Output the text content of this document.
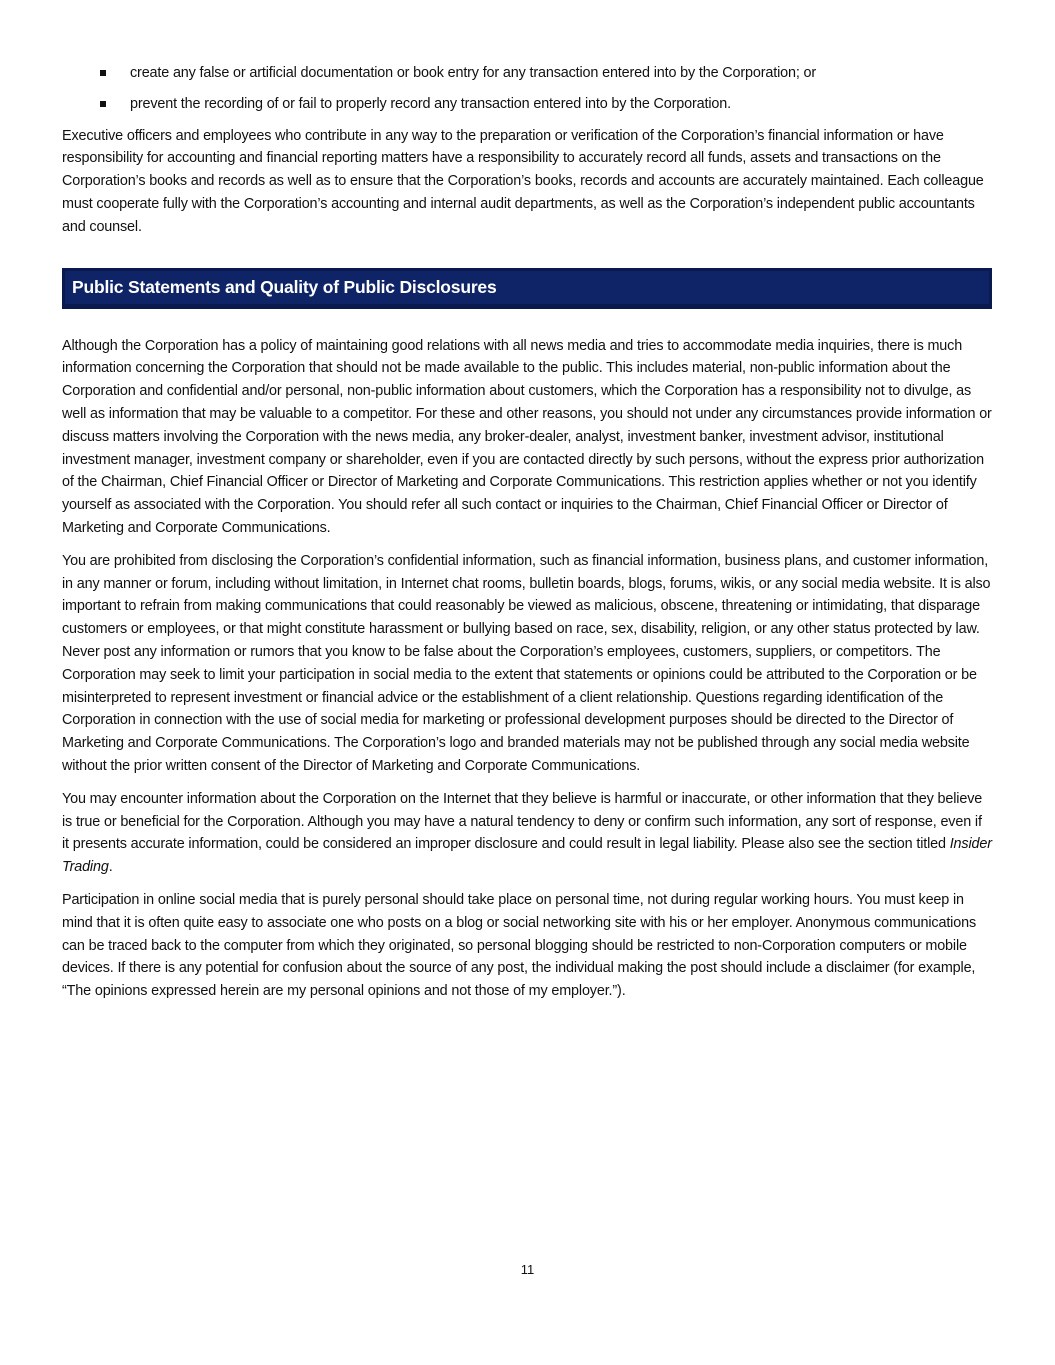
create any false or artificial documentation or book entry for any transaction entered into by the Corporation; or
prevent the recording of or fail to properly record any transaction entered into by the Corporation.

Executive officers and employees who contribute in any way to the preparation or verification of the Corporation’s financial information or have responsibility for accounting and financial reporting matters have a responsibility to accurately record all funds, assets and transactions on the Corporation’s books and records as well as to ensure that the Corporation’s books, records and accounts are accurately maintained. Each colleague must cooperate fully with the Corporation’s accounting and internal audit departments, as well as the Corporation’s independent public accountants and counsel.

Public Statements and Quality of Public Disclosures

Although the Corporation has a policy of maintaining good relations with all news media and tries to accommodate media inquiries, there is much information concerning the Corporation that should not be made available to the public. This includes material, non-public information about the Corporation and confidential and/or personal, non-public information about customers, which the Corporation has a responsibility not to divulge, as well as information that may be valuable to a competitor. For these and other reasons, you should not under any circumstances provide information or discuss matters involving the Corporation with the news media, any broker-dealer, analyst, investment banker, investment advisor, institutional investment manager, investment company or shareholder, even if you are contacted directly by such persons, without the express prior authorization of the Chairman, Chief Financial Officer or Director of Marketing and Corporate Communications. This restriction applies whether or not you identify yourself as associated with the Corporation. You should refer all such contact or inquiries to the Chairman, Chief Financial Officer or Director of Marketing and Corporate Communications.

You are prohibited from disclosing the Corporation’s confidential information, such as financial information, business plans, and customer information, in any manner or forum, including without limitation, in Internet chat rooms, bulletin boards, blogs, forums, wikis, or any social media website. It is also important to refrain from making communications that could reasonably be viewed as malicious, obscene, threatening or intimidating, that disparage customers or employees, or that might constitute harassment or bullying based on race, sex, disability, religion, or any other status protected by law. Never post any information or rumors that you know to be false about the Corporation’s employees, customers, suppliers, or competitors. The Corporation may seek to limit your participation in social media to the extent that statements or opinions could be attributed to the Corporation or be misinterpreted to represent investment or financial advice or the establishment of a client relationship. Questions regarding identification of the Corporation in connection with the use of social media for marketing or professional development purposes should be directed to the Director of Marketing and Corporate Communications. The Corporation’s logo and branded materials may not be published through any social media website without the prior written consent of the Director of Marketing and Corporate Communications.

You may encounter information about the Corporation on the Internet that they believe is harmful or inaccurate, or other information that they believe is true or beneficial for the Corporation. Although you may have a natural tendency to deny or confirm such information, any sort of response, even if it presents accurate information, could be considered an improper disclosure and could result in legal liability. Please also see the section titled Insider Trading.

Participation in online social media that is purely personal should take place on personal time, not during regular working hours. You must keep in mind that it is often quite easy to associate one who posts on a blog or social networking site with his or her employer. Anonymous communications can be traced back to the computer from which they originated, so personal blogging should be restricted to non-Corporation computers or mobile devices. If there is any potential for confusion about the source of any post, the individual making the post should include a disclaimer (for example, “The opinions expressed herein are my personal opinions and not those of my employer.”).

11
